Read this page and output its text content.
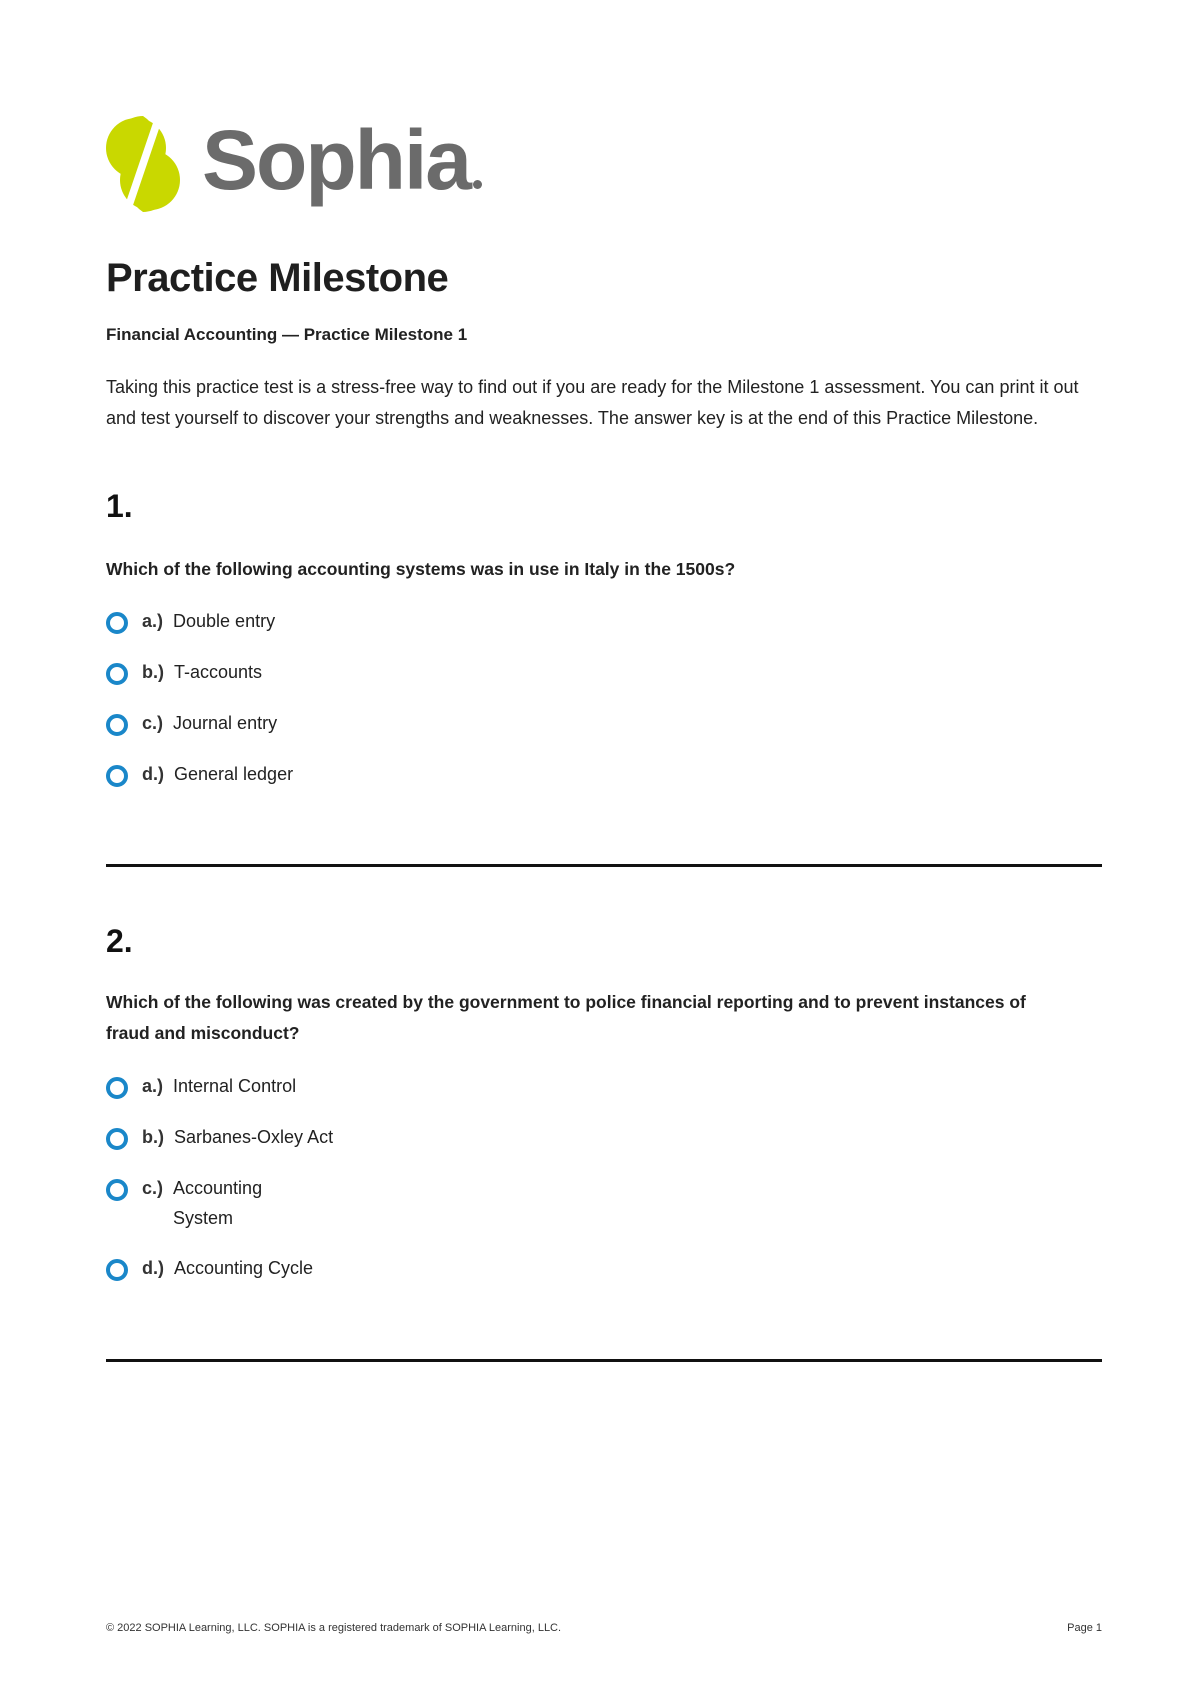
Sophia
Practice Milestone

Financial Accounting — Practice Milestone 1

Taking this practice test is a stress-free way to find out if you are ready for the Milestone 1 assessment. You can print it out and test yourself to discover your strengths and weaknesses. The answer key is at the end of this Practice Milestone.

1.

Which of the following accounting systems was in use in Italy in the 1500s?

a.) Double entry
b.) T-accounts
c.) Journal entry
d.) General ledger
2.

Which of the following was created by the government to police financial reporting and to prevent instances of fraud and misconduct?

a.) Internal Control
b.) Sarbanes-Oxley Act
c.) Accounting System
d.) Accounting Cycle
© 2022 SOPHIA Learning, LLC. SOPHIA is a registered trademark of SOPHIA Learning, LLC.	Page 1
